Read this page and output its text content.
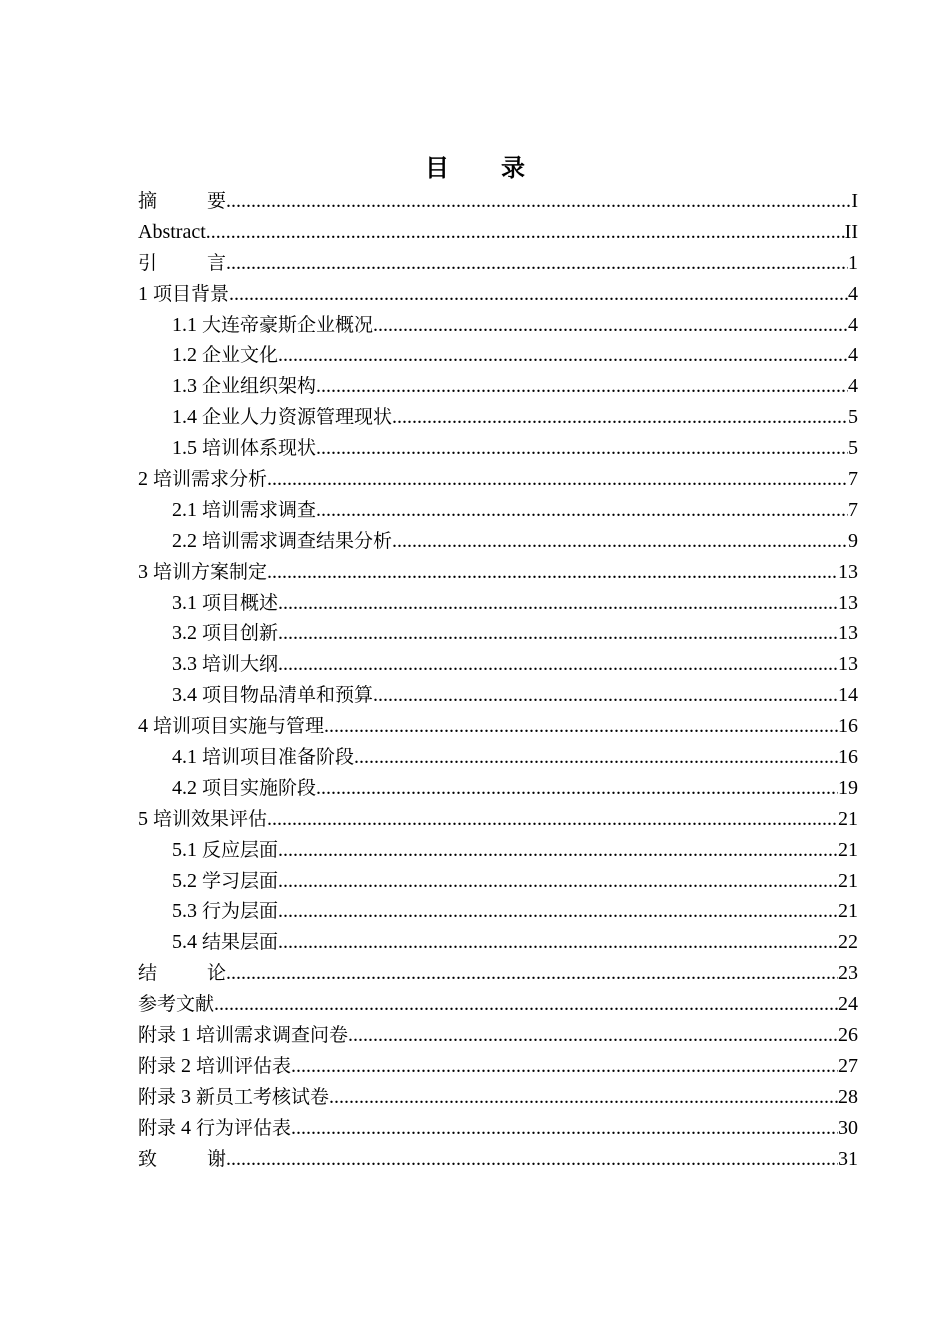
目 录
摘	要 .....	I
Abstract .....	II
引	言 .....	1
1 项目背景 .....	4
1.1 大连帝豪斯企业概况 .....	4
1.2 企业文化 .....	4
1.3 企业组织架构 .....	4
1.4 企业人力资源管理现状 .....	5
1.5 培训体系现状 .....	5
2 培训需求分析 .....	7
2.1 培训需求调查 .....	7
2.2 培训需求调查结果分析 .....	9
3 培训方案制定 .....	13
3.1 项目概述 .....	13
3.2 项目创新 .....	13
3.3 培训大纲 .....	13
3.4 项目物品清单和预算 .....	14
4 培训项目实施与管理 .....	16
4.1 培训项目准备阶段 .....	16
4.2 项目实施阶段 .....	19
5 培训效果评估 .....	21
5.1 反应层面 .....	21
5.2 学习层面 .....	21
5.3 行为层面 .....	21
5.4 结果层面 .....	22
结	论 .....	23
参考文献 .....	24
附录 1 培训需求调查问卷 .....	26
附录 2 培训评估表 .....	27
附录 3 新员工考核试卷 .....	28
附录 4 行为评估表 .....	30
致	谢 .....	31
